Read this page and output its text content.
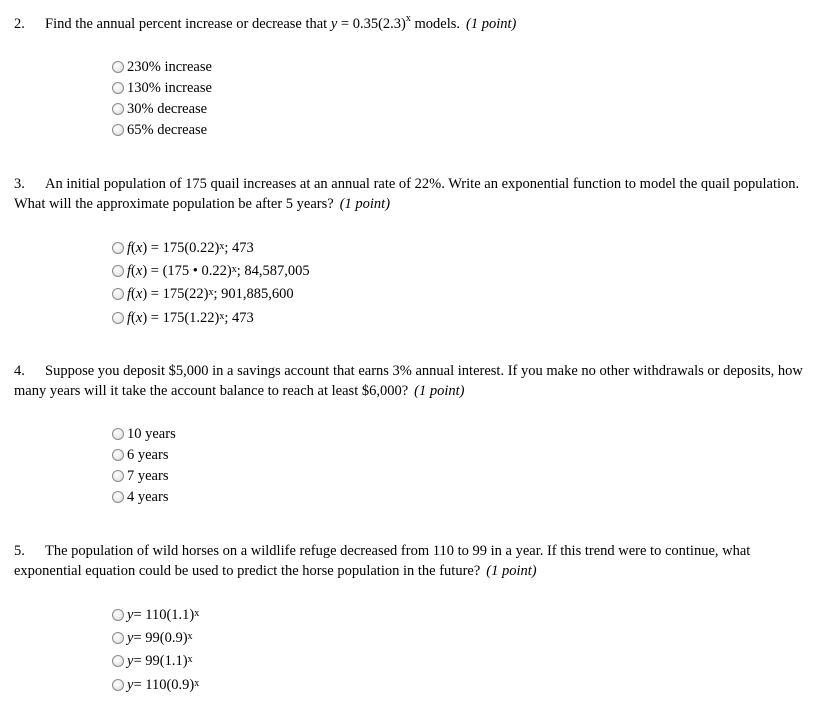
2. Find the annual percent increase or decrease that $y = 0.35(2.3)^x$ models. (1 point)
230% increase
130% increase
30% decrease
65% decrease
3. An initial population of 175 quail increases at an annual rate of 22%. Write an exponential function to model the quail population.
What will the approximate population be after 5 years? (1 point)
f ( x ) = $175(0.22)^x$ ; 473
f ( x ) = (175 • 0.22)$^x$ ; 84,587,005
f ( x ) = $175(22)^x$ ; 901,885,600
f ( x ) = $175(1.22)^x$ ; 473
4. Suppose you deposit $5,000 in a savings account that earns 3% annual interest. If you make no other withdrawals or deposits, how
many years will it take the account balance to reach at least $6,000? (1 point)
10 years
6 years
7 years
4 years
5. The population of wild horses on a wildlife refuge decreased from 110 to 99 in a year. If this trend were to continue, what
exponential equation could be used to predict the horse population in the future? (1 point)
$y = 110(1.1)^x$
$y = 99(0.9)^x$
$y = 99(1.1)^x$
$y = 110(0.9)^x$
